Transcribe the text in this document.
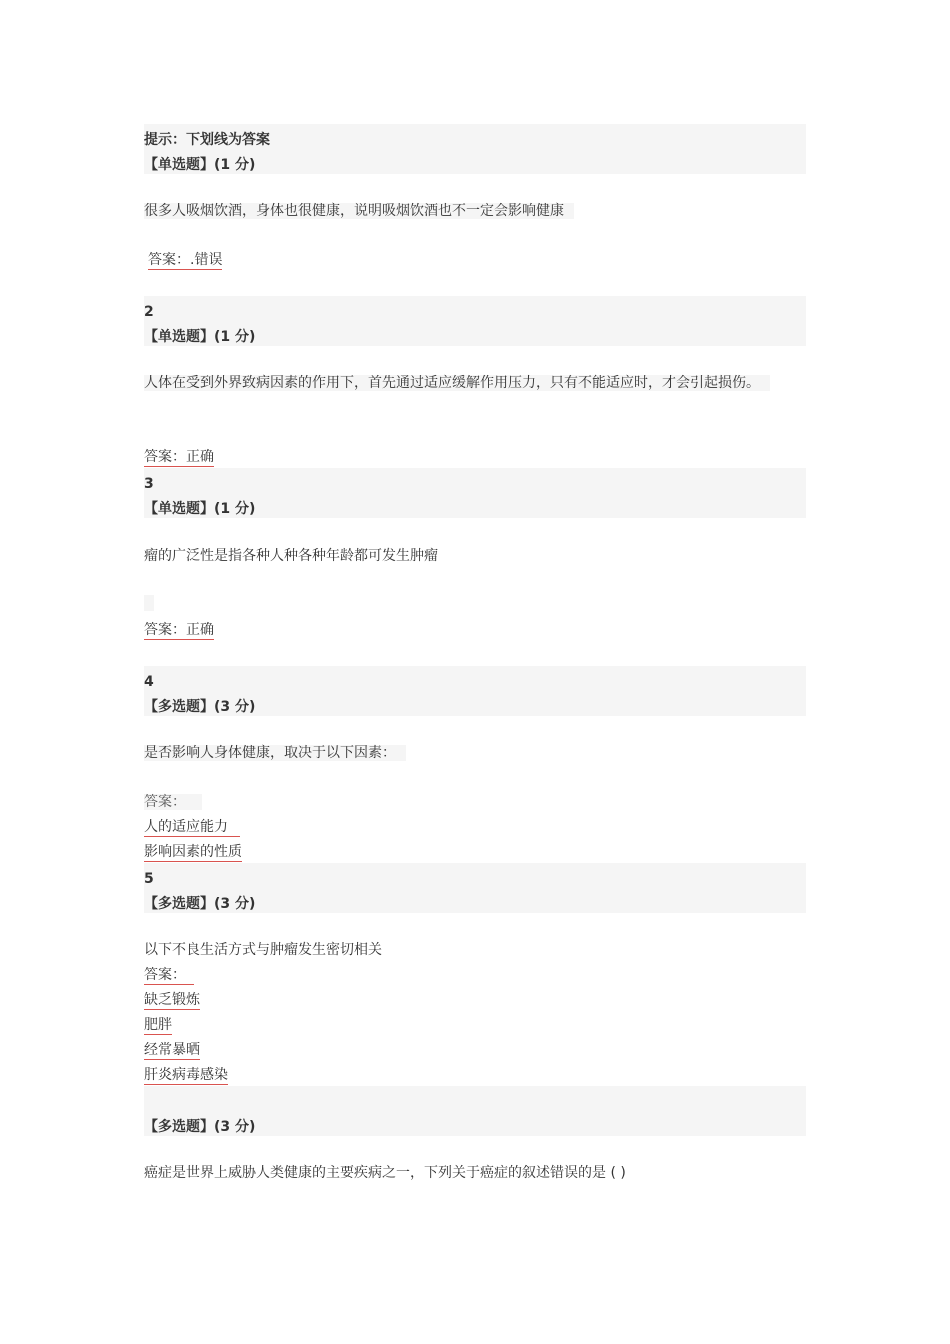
提示：下划线为答案
【单选题】(1 分)
很多人吸烟饮酒，身体也很健康，说明吸烟饮酒也不一定会影响健康
答案：.错误
2
【单选题】(1 分)
人体在受到外界致病因素的作用下，首先通过适应缓解作用压力，只有不能适应时，才会引起损伤。
答案：正确
3
【单选题】(1 分)
瘤的广泛性是指各种人种各种年龄都可发生肿瘤
答案：正确
4
【多选题】(3 分)
是否影响人身体健康，取决于以下因素：
答案：
人的适应能力
影响因素的性质
5
【多选题】(3 分)
以下不良生活方式与肿瘤发生密切相关
答案：
缺乏锻炼
肥胖
经常暴晒
肝炎病毒感染
【多选题】(3 分)
癌症是世界上威胁人类健康的主要疾病之一，下列关于癌症的叙述错误的是 ( )
